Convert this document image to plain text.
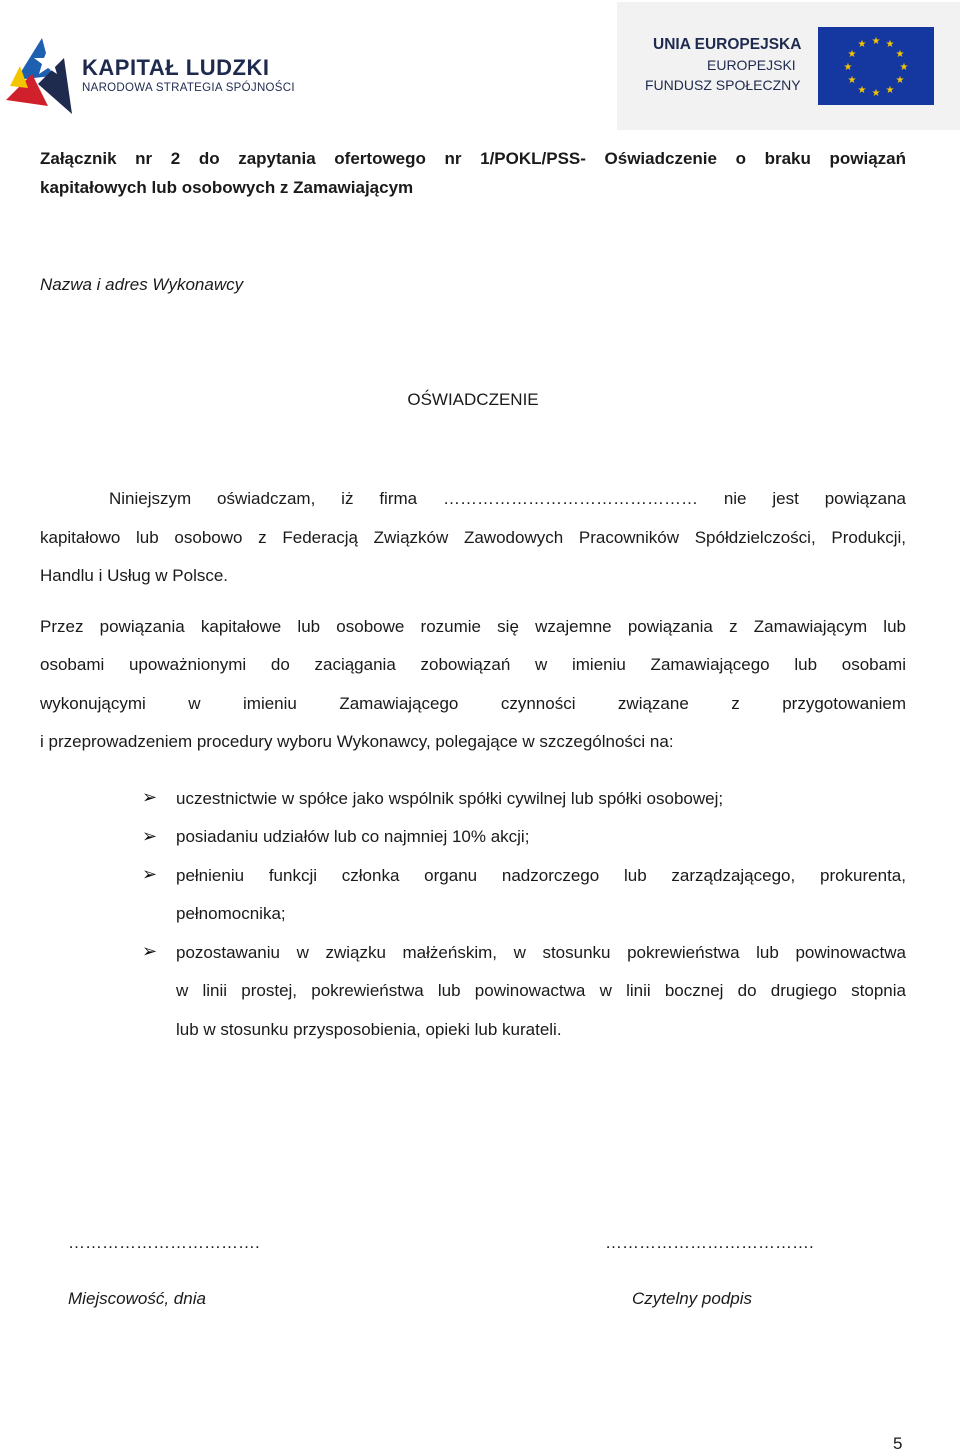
KAPITAŁ LUDZKI
NARODOWA STRATEGIA SPÓJNOŚCI
UNIA EUROPEJSKA
EUROPEJSKI
FUNDUSZ SPOŁECZNY
★ ★
★
★
★
★
★
★
★
★
★
★
Załącznik nr 2 do zapytania ofertowego nr 1/POKL/PSS- Oświadczenie o braku powiązań
kapitałowych lub osobowych z Zamawiającym
Nazwa i adres Wykonawcy
OŚWIADCZENIE
Niniejszym oświadczam, iż firma ……………………………………… nie jest powiązana
kapitałowo lub osobowo z Federacją Związków Zawodowych Pracowników Spółdzielczości, Produkcji,
Handlu i Usług w Polsce.
Przez powiązania kapitałowe lub osobowe rozumie się wzajemne powiązania z Zamawiającym lub
osobami upoważnionymi do zaciągania zobowiązań w imieniu Zamawiającego lub osobami
wykonującymi w imieniu Zamawiającego czynności związane z przygotowaniem
i przeprowadzeniem procedury wyboru Wykonawcy, polegające w szczególności na:
➢ uczestnictwie w spółce jako wspólnik spółki cywilnej lub spółki osobowej;
➢ posiadaniu udziałów lub co najmniej 10% akcji;
➢ pełnieniu funkcji członka organu nadzorczego lub zarządzającego, prokurenta,
pełnomocnika;
➢ pozostawaniu w związku małżeńskim, w stosunku pokrewieństwa lub powinowactwa
w linii prostej, pokrewieństwa lub powinowactwa w linii bocznej do drugiego stopnia
lub w stosunku przysposobienia, opieki lub kurateli.
…………………………….	……………………………….
Miejscowość, dnia	Czytelny podpis
5
